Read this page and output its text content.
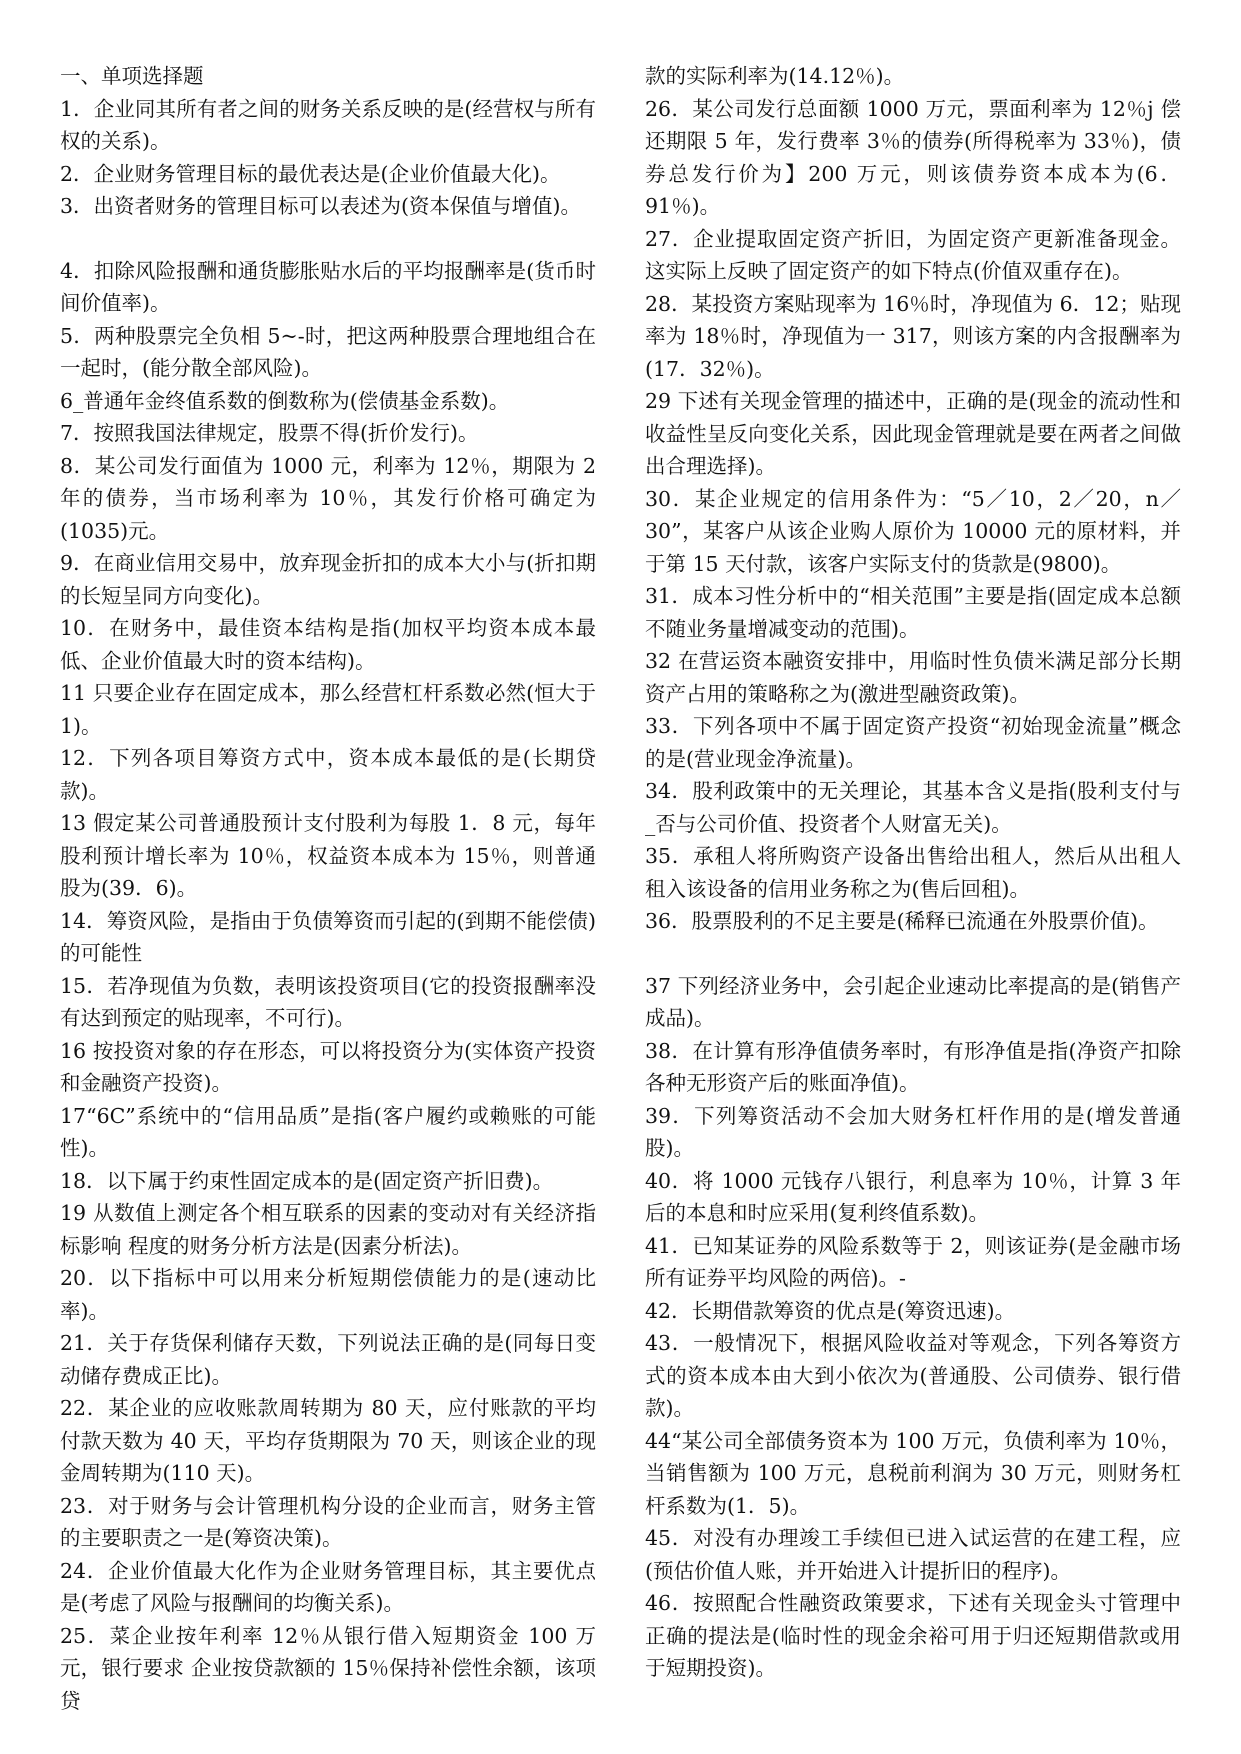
一、单项选择题

1．企业同其所有者之间的财务关系反映的是(经营权与所有权的关系)。

2．企业财务管理目标的最优表达是(企业价值最大化)。

3．出资者财务的管理目标可以表述为(资本保值与增值)。

4．扣除风险报酬和通货膨胀贴水后的平均报酬率是(货币时间价值率)。

5．两种股票完全负相 5~-时，把这两种股票合理地组合在一起时，(能分散全部风险)。

6_普通年金终值系数的倒数称为(偿债基金系数)。

7．按照我国法律规定，股票不得(折价发行)。

8．某公司发行面值为 1000 元，利率为 12％，期限为 2 年的债券，当市场利率为 10％，其发行价格可确定为(1035)元。

9．在商业信用交易中，放弃现金折扣的成本大小与(折扣期的长短呈同方向变化)。

10．在财务中，最佳资本结构是指(加权平均资本成本最低、企业价值最大时的资本结构)。

11 只要企业存在固定成本，那么经营杠杆系数必然(恒大于 1)。

12．下列各项目筹资方式中，资本成本最低的是(长期贷款)。

13 假定某公司普通股预计支付股利为每股 1．8 元，每年股利预计增长率为 10％，权益资本成本为 15％，则普通股为(39．6)。

14．筹资风险，是指由于负债筹资而引起的(到期不能偿债)的可能性

15．若净现值为负数，表明该投资项目(它的投资报酬率没有达到预定的贴现率，不可行)。

16 按投资对象的存在形态，可以将投资分为(实体资产投资和金融资产投资)。

17“6C”系统中的“信用品质”是指(客户履约或赖账的可能性)。

18．以下属于约束性固定成本的是(固定资产折旧费)。

19 从数值上测定各个相互联系的因素的变动对有关经济指标影响 程度的财务分析方法是(因素分析法)。

20．以下指标中可以用来分析短期偿债能力的是(速动比率)。

21．关于存货保利储存天数，下列说法正确的是(同每日变动储存费成正比)。

22．某企业的应收账款周转期为 80 天，应付账款的平均付款天数为 40 天，平均存货期限为 70 天，则该企业的现金周转期为(110 天)。

23．对于财务与会计管理机构分设的企业而言，财务主管的主要职责之一是(筹资决策)。

24．企业价值最大化作为企业财务管理目标，其主要优点是(考虑了风险与报酬间的均衡关系)。

25．菜企业按年利率 12％从银行借入短期资金 100 万元，银行要求 企业按贷款额的 15％保持补偿性余额，该项贷

款的实际利率为(14.12％)。

26．某公司发行总面额 1000 万元，票面利率为 12％j 偿还期限 5 年，发行费率 3％的债券(所得税率为 33％)，债券总发行价为】200 万元，则该债券资本成本为(6．91％)。

27．企业提取固定资产折旧，为固定资产更新准备现金。这实际上反映了固定资产的如下特点(价值双重存在)。

28．某投资方案贴现率为 16％时，净现值为 6．12；贴现率为 18％时，净现值为一 317，则该方案的内含报酬率为(17．32％)。

29 下述有关现金管理的描述中，正确的是(现金的流动性和收益性呈反向变化关系，因此现金管理就是要在两者之间做出合理选择)。

30．某企业规定的信用条件为：“5／10，2／20，n／30”，某客户从该企业购人原价为 10000 元的原材料，并于第 15 天付款，该客户实际支付的货款是(9800)。

31．成本习性分析中的“相关范围”主要是指(固定成本总额不随业务量增减变动的范围)。

32 在营运资本融资安排中，用临时性负债米满足部分长期资产占用的策略称之为(激进型融资政策)。

33．下列各项中不属于固定资产投资“初始现金流量”概念的是(营业现金净流量)。

34．股利政策中的无关理论，其基本含义是指(股利支付与_否与公司价值、投资者个人财富无关)。

35．承租人将所购资产设备出售给出租人，然后从出租人租入该设备的信用业务称之为(售后回租)。

36．股票股利的不足主要是(稀释已流通在外股票价值)。

37 下列经济业务中，会引起企业速动比率提高的是(销售产成品)。

38．在计算有形净值债务率时，有形净值是指(净资产扣除各种无形资产后的账面净值)。

39．下列筹资活动不会加大财务杠杆作用的是(增发普通股)。

40．将 1000 元钱存八银行，利息率为 10％，计算 3 年后的本息和时应采用(复利终值系数)。

41．已知某证券的风险系数等于 2，则该证券(是金融市场所有证券平均风险的两倍)。-

42．长期借款筹资的优点是(筹资迅速)。

43．一般情况下，根据风险收益对等观念，下列各筹资方式的资本成本由大到小依次为(普通股、公司债券、银行借款)。

44“某公司全部债务资本为 100 万元，负债利率为 10％，当销售额为 100 万元，息税前利润为 30 万元，则财务杠杆系数为(1．5)。

45．对没有办理竣工手续但已进入试运营的在建工程，应(预估价值人账，并开始进入计提折旧的程序)。

46．按照配合性融资政策要求，下述有关现金头寸管理中正确的提法是(临时性的现金余裕可用于归还短期借款或用于短期投资)。
